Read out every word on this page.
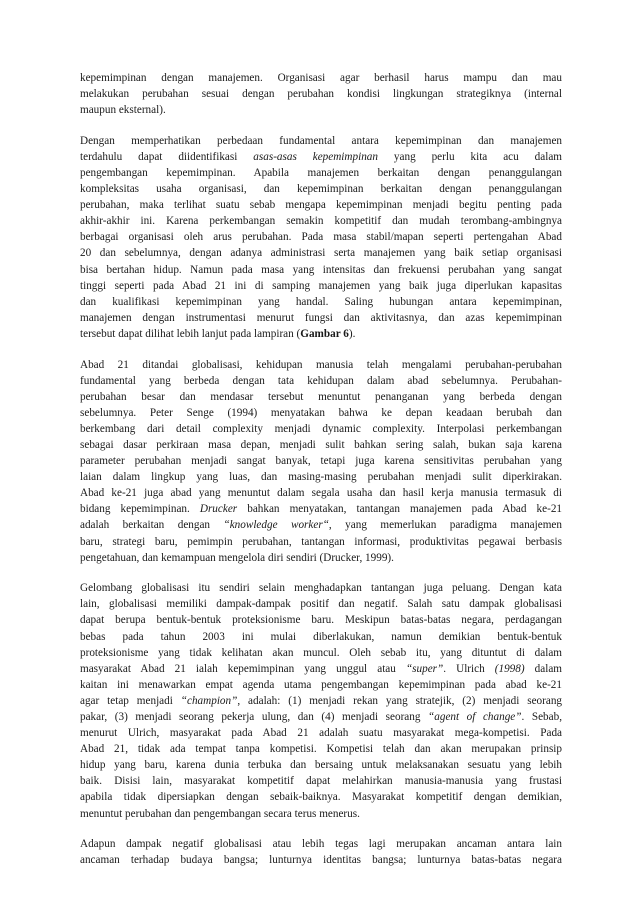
kepemimpinan dengan manajemen. Organisasi agar berhasil harus mampu dan mau
melakukan perubahan sesuai dengan perubahan kondisi lingkungan strategiknya (internal
maupun eksternal).
Dengan memperhatikan perbedaan fundamental antara kepemimpinan dan manajemen
terdahulu dapat diidentifikasi asas-asas kepemimpinan yang perlu kita acu dalam
pengembangan kepemimpinan. Apabila manajemen berkaitan dengan penanggulangan
kompleksitas usaha organisasi, dan kepemimpinan berkaitan dengan penanggulangan
perubahan, maka terlihat suatu sebab mengapa kepemimpinan menjadi begitu penting pada
akhir-akhir ini. Karena perkembangan semakin kompetitif dan mudah terombang-ambingnya
berbagai organisasi oleh arus perubahan. Pada masa stabil/mapan seperti pertengahan Abad
20 dan sebelumnya, dengan adanya administrasi serta manajemen yang baik setiap organisasi
bisa bertahan hidup. Namun pada masa yang intensitas dan frekuensi perubahan yang sangat
tinggi seperti pada Abad 21 ini di samping manajemen yang baik juga diperlukan kapasitas
dan kualifikasi kepemimpinan yang handal. Saling hubungan antara kepemimpinan,
manajemen dengan instrumentasi menurut fungsi dan aktivitasnya, dan azas kepemimpinan
tersebut dapat dilihat lebih lanjut pada lampiran (Gambar 6).
Abad 21 ditandai globalisasi, kehidupan manusia telah mengalami perubahan-perubahan
fundamental yang berbeda dengan tata kehidupan dalam abad sebelumnya. Perubahan-
perubahan besar dan mendasar tersebut menuntut penanganan yang berbeda dengan
sebelumnya. Peter Senge (1994) menyatakan bahwa ke depan keadaan berubah dan
berkembang dari detail complexity menjadi dynamic complexity. Interpolasi perkembangan
sebagai dasar perkiraan masa depan, menjadi sulit bahkan sering salah, bukan saja karena
parameter perubahan menjadi sangat banyak, tetapi juga karena sensitivitas perubahan yang
laian dalam lingkup yang luas, dan masing-masing perubahan menjadi sulit diperkirakan.
Abad ke-21 juga abad yang menuntut dalam segala usaha dan hasil kerja manusia termasuk di
bidang kepemimpinan. Drucker bahkan menyatakan, tantangan manajemen pada Abad ke-21
adalah berkaitan dengan “knowledge worker“, yang memerlukan paradigma manajemen
baru, strategi baru, pemimpin perubahan, tantangan informasi, produktivitas pegawai berbasis
pengetahuan, dan kemampuan mengelola diri sendiri (Drucker, 1999).
Gelombang globalisasi itu sendiri selain menghadapkan tantangan juga peluang. Dengan kata
lain, globalisasi memiliki dampak-dampak positif dan negatif. Salah satu dampak globalisasi
dapat berupa bentuk-bentuk proteksionisme baru. Meskipun batas-batas negara, perdagangan
bebas pada tahun 2003 ini mulai diberlakukan, namun demikian bentuk-bentuk
proteksionisme yang tidak kelihatan akan muncul. Oleh sebab itu, yang dituntut di dalam
masyarakat Abad 21 ialah kepemimpinan yang unggul atau “super”. Ulrich (1998) dalam
kaitan ini menawarkan empat agenda utama pengembangan kepemimpinan pada abad ke-21
agar tetap menjadi “champion”, adalah: (1) menjadi rekan yang stratejik, (2) menjadi seorang
pakar, (3) menjadi seorang pekerja ulung, dan (4) menjadi seorang “agent of change”. Sebab,
menurut Ulrich, masyarakat pada Abad 21 adalah suatu masyarakat mega-kompetisi. Pada
Abad 21, tidak ada tempat tanpa kompetisi. Kompetisi telah dan akan merupakan prinsip
hidup yang baru, karena dunia terbuka dan bersaing untuk melaksanakan sesuatu yang lebih
baik. Disisi lain, masyarakat kompetitif dapat melahirkan manusia-manusia yang frustasi
apabila tidak dipersiapkan dengan sebaik-baiknya. Masyarakat kompetitif dengan demikian,
menuntut perubahan dan pengembangan secara terus menerus.
Adapun dampak negatif globalisasi atau lebih tegas lagi merupakan ancaman antara lain
ancaman terhadap budaya bangsa; lunturnya identitas bangsa; lunturnya batas-batas negara
